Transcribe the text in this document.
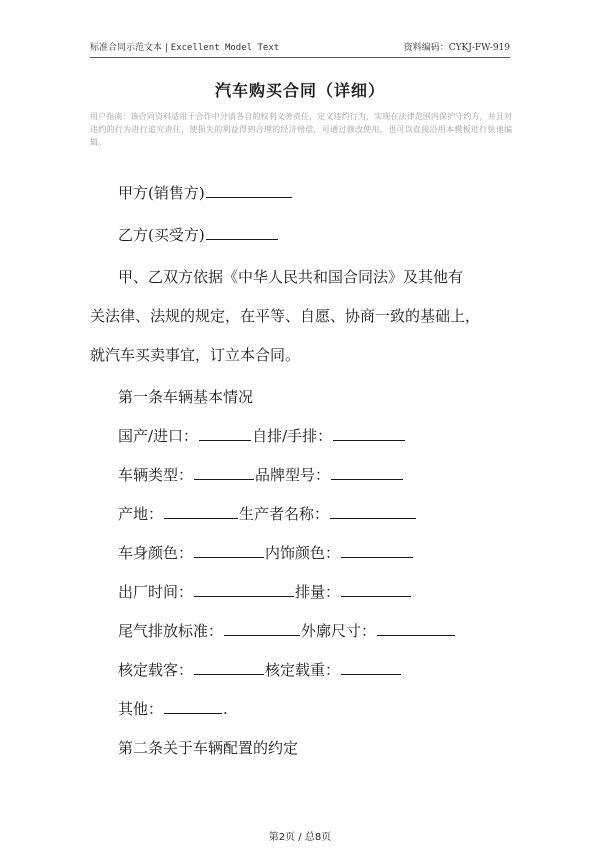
标准合同示范文本 | Excellent Model Text	资料编码：CYKJ-FW-919
汽车购买合同（详细）
用户指南：该合同资料适用于合作中分清各自的权利义务责任，定义违约行为，实现在法律范围内保护守约方，并且对违约的行为进行追究责任，使损失的利益得到合理的经济赔偿，可通过修改使用，也可以直接沿用本模板进行快速编辑。
甲方(销售方)
乙方(买受方)
甲、乙双方依据《中华人民共和国合同法》及其他有
关法律、法规的规定，在平等、自愿、协商一致的基础上，
就汽车买卖事宜，订立本合同。
第一条车辆基本情况
国产/进口：	自排/手排：
车辆类型：	品牌型号：
产地：	生产者名称：
车身颜色：	内饰颜色：
出厂时间：	排量：
尾气排放标准：	外廓尺寸：
核定载客：	核定载重：
其他：	.
第二条关于车辆配置的约定
第2页 / 总8页
